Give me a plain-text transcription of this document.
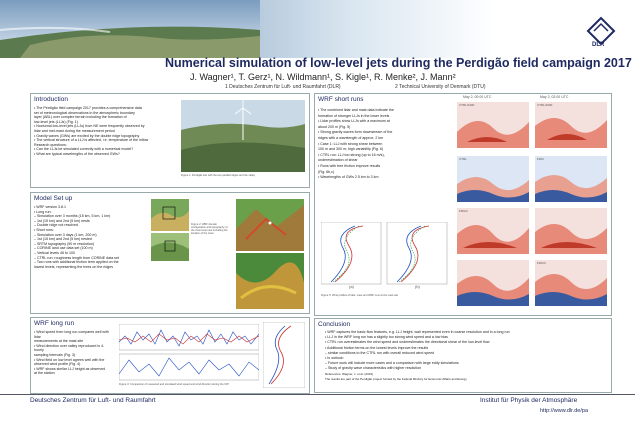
DLR
Numerical simulation of low-level jets during the Perdigão field campaign 2017
J. Wagner¹, T. Gerz¹, N. Wildmann¹, S. Kigle¹, R. Menke², J. Mann²
1 Deutsches Zentrum für Luft- und Raumfahrt (DLR)	2 Technical University of Denmark (DTU)
Introduction

• The Perdigão field campaign 2017 provides a comprehensive data

set of meteorological observations in the atmospheric boundary

layer (ABL) over complex terrain including the formation of

low-level jets (LLJs) (Fig. 1)

• Nocturnal low-level jets (LLJs) from NE were frequently observed by

lidar and met-mast during the measurement period

• Gravity waves (GWs) are excited by the double ridge topography

• The vertical structure of a LLJ is affected, i.e. temperature of the inflow

Research questions:

• Can the LLJs be simulated correctly with a numerical model?

• What are typical wavelengths of the observed GWs?

Figure 1: Perdigão site with the two parallel ridges and the valley
Model Set up

• WRF version 3.8.1

• Long run:

– Simulation over 3 months (15 km, 5 km, 1 km)

– 1st (15 km) and 2nd (5 km) nests

– Double ridge not resolved

• Short runs:

– Simulation over 3 days (1 km, 200 m)

– 1st (15 km) and 2nd (5 km) nested

– SRTM topography (90 m resolution)

– CORINE land use data set (100 m)

– Vertical levels 46 to 100

– CTRL run: roughness length from CORINE data set

– Two runs with additional friction term applied on the

lowest levels, representing the trees on the ridges

Figure 2: WRF domain configuration and topography of the innermost nest including the location of the mast
WRF long run

• Wind speed from long run compares well with lidar

measurements at the mast site

• Wind direction over valley reproduced in 4-hourly

sampling intervals (Fig. 3)

• Wind field on low level agrees well with the

observed wind profile (Fig. 4)

• WRF shows similar LLJ height as observed

at the station

Figure 3: Comparison of measured and simulated wind speed and wind direction during the IOP
WRF short runs

• The combined lidar and mast data indicate the

formation of stronger LLJs in the lower levels

• Lidar profiles show LLJs with a maximum at

about 200 m (Fig. 5)

• Strong gravity waves form downstream of the

ridges with a wavelength of approx. 2 km

• Case 1: LLJ with strong shear between

100 m and 300 m; high variability (Fig. 6)

• CTRL run: LLJ too strong (up to 16 m/s),

underestimation of shear

• Runs with tree friction improve results

(Fig. 6b,c)

• Wavelengths of GWs 2.5 km to 3 km

(a)	(b)
Figure 5: Wind profiles of lidar, mast and WRF runs at the mast site
May 2, 00:00 UTC	May 2, 02:00 UTC
CTRL/1200	CTRL/1000
CTRL	FRIC
FRIC2
FRIC3
Conclusion

• WRF captures the basic flow features, e.g. LLJ height, wall represented even in coarse resolution and in a long run

• LLJ in the WRF long run has a slightly too strong wind speed and a low bias

• CTRL run overestimates the wind speed and underestimates the directional shear of the low-level flow

• Additional friction terms on the lowest levels improve the results

– similar conditions to the CTRL run with overall reduced wind speed

• In outlook:

– Future work will include more cases and a comparison with large eddy simulations

– Study of gravity wave characteristics with higher resolution

References: Wagner, J. et al. (2019)

The results are part of the Perdigão project funded by the Federal Ministry for Economic Affairs and Energy

Deutsches Zentrum für Luft- und Raumfahrt	Institut für Physik der Atmosphäre
http://www.dlr.de/pa
